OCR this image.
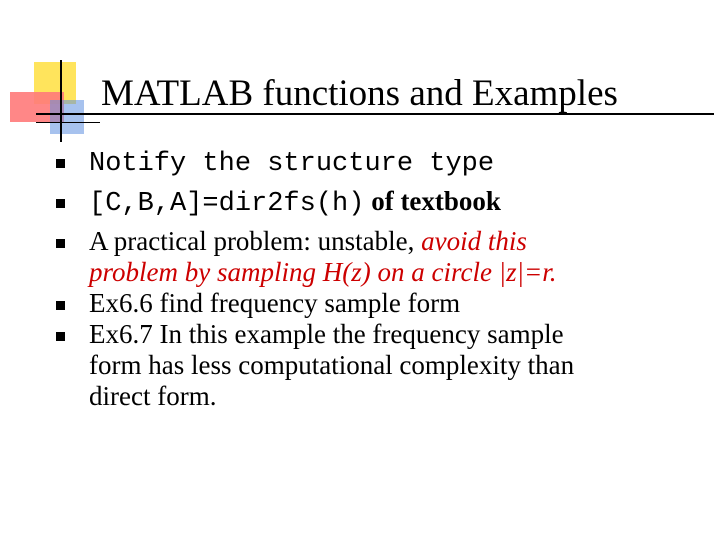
MATLAB functions and Examples
Notify the structure type
[C,B,A]=dir2fs(h) of textbook
A practical problem: unstable, avoid this
problem by sampling H(z) on a circle |z|=r.
Ex6.6 find frequency sample form
Ex6.7 In this example the frequency sample
form has less computational complexity than
direct form.
